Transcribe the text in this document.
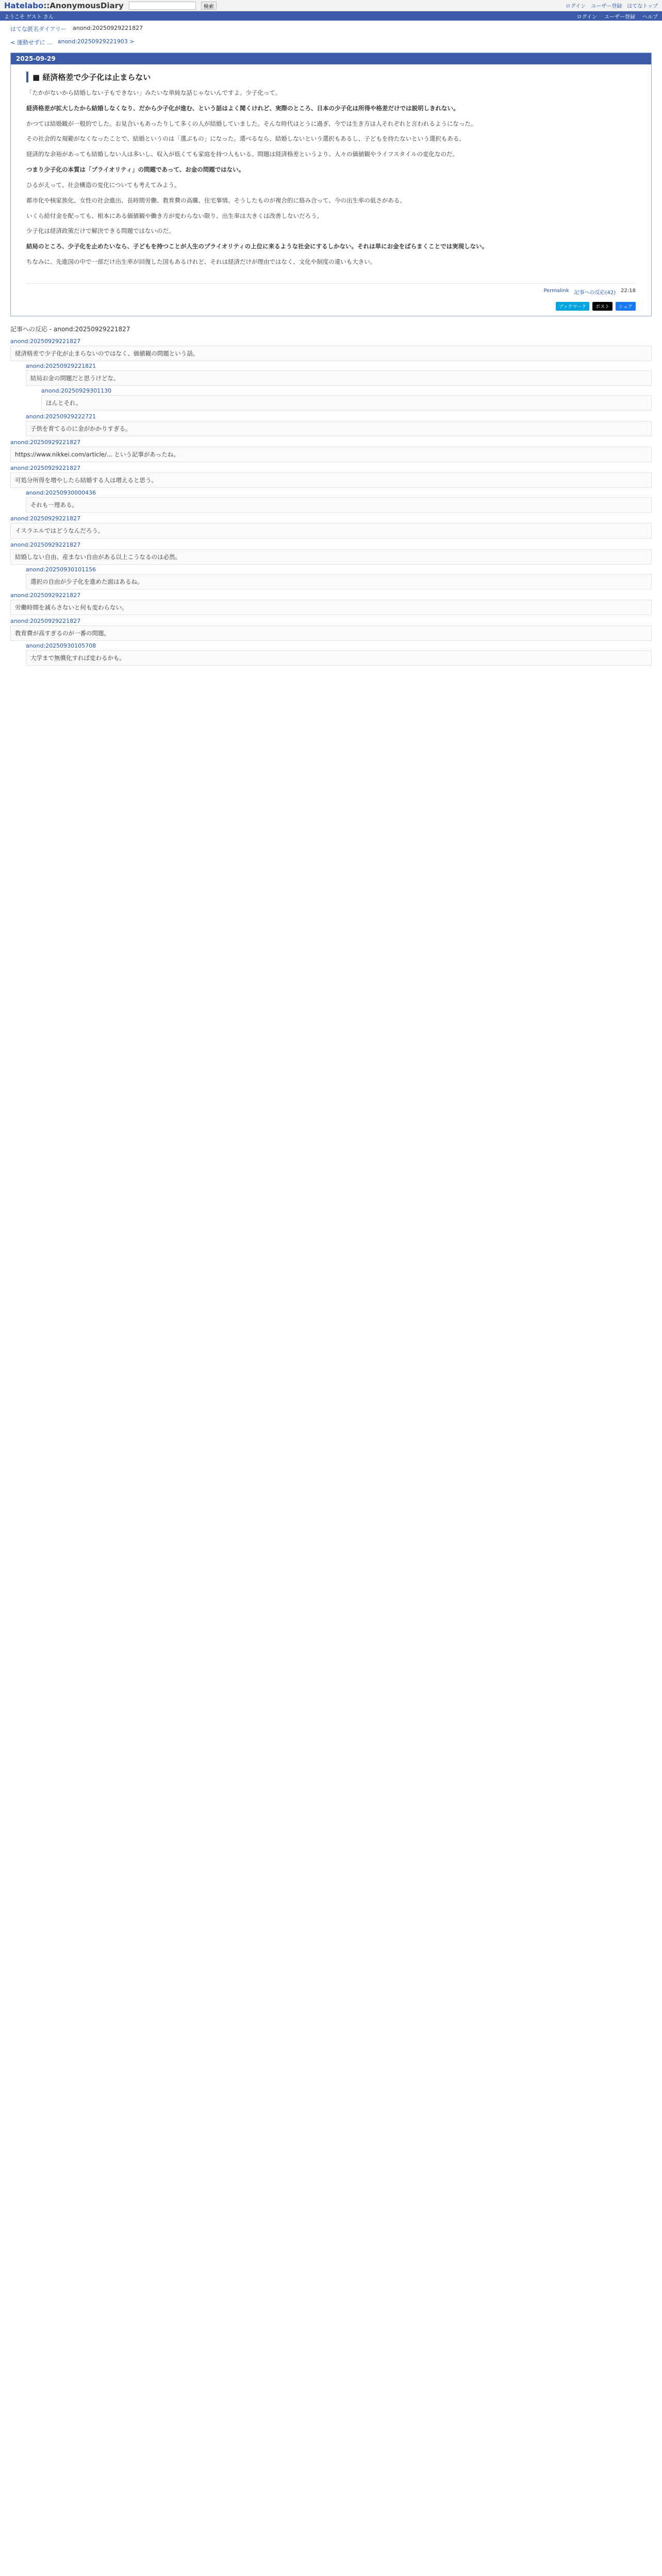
Hatelabo::AnonymousDiary	検索	ログイン ユーザー登録 はてなトップ
ようこそ ゲスト さん	ログイン ユーザー登録 ヘルプ
はてな匿名ダイアリー anond:20250929221827
< 運動せずに ... anond:20250929221903 >
2025-09-29
■ 経済格差で少子化は止まらない

「たかがないから結婚しない子もできない」みたいな単純な話じゃないんですよ。少子化って。

経済格差が拡大したから結婚しなくなり、だから少子化が進む、という話はよく聞くけれど、実際のところ、日本の少子化は所得や格差だけでは説明しきれない。

かつては結婚観が一般的でした。お見合いもあったりして多くの人が結婚していました。そんな時代はとうに過ぎ、今では生き方は人それぞれと言われるようになった。

その社会的な規範がなくなったことで、結婚というのは「選ぶもの」になった。選べるなら、結婚しないという選択もあるし、子どもを持たないという選択もある。

経済的な余裕があっても結婚しない人は多いし、収入が低くても家庭を持つ人もいる。問題は経済格差というより、人々の価値観やライフスタイルの変化なのだ。

つまり少子化の本質は「プライオリティ」の問題であって、お金の問題ではない。

ひるがえって、社会構造の変化についても考えてみよう。

都市化や核家族化、女性の社会進出、長時間労働、教育費の高騰、住宅事情。そうしたものが複合的に絡み合って、今の出生率の低さがある。

いくら給付金を配っても、根本にある価値観や働き方が変わらない限り、出生率は大きくは改善しないだろう。

少子化は経済政策だけで解決できる問題ではないのだ。

結局のところ、少子化を止めたいなら、子どもを持つことが人生のプライオリティの上位に来るような社会にするしかない。それは単にお金をばらまくことでは実現しない。

ちなみに、先進国の中で一部だけ出生率が回復した国もあるけれど、それは経済だけが理由ではなく、文化や制度の違いも大きい。

Permalink 記事への反応(42) 22:18
ブックマーク	ポスト	シェア
記事への反応 - anond:20250929221827
anond:20250929221827
経済格差で少子化が止まらないのではなく、価値観の問題という話。
anond:20250929221821
結局お金の問題だと思うけどな。
anond:20250929301130
ほんとそれ。
anond:20250929222721
子供を育てるのに金がかかりすぎる。
anond:20250929221827
https://www.nikkei.com/article/... という記事があったね。
anond:20250929221827
可処分所得を増やしたら結婚する人は増えると思う。
anond:20250930000436
それも一理ある。
anond:20250929221827
イスラエルではどうなんだろう。
anond:20250929221827
結婚しない自由、産まない自由がある以上こうなるのは必然。
anond:20250930101156
選択の自由が少子化を進めた面はあるね。
anond:20250929221827
労働時間を減らさないと何も変わらない。
anond:20250929221827
教育費が高すぎるのが一番の問題。
anond:20250930105708
大学まで無償化すれば変わるかも。
